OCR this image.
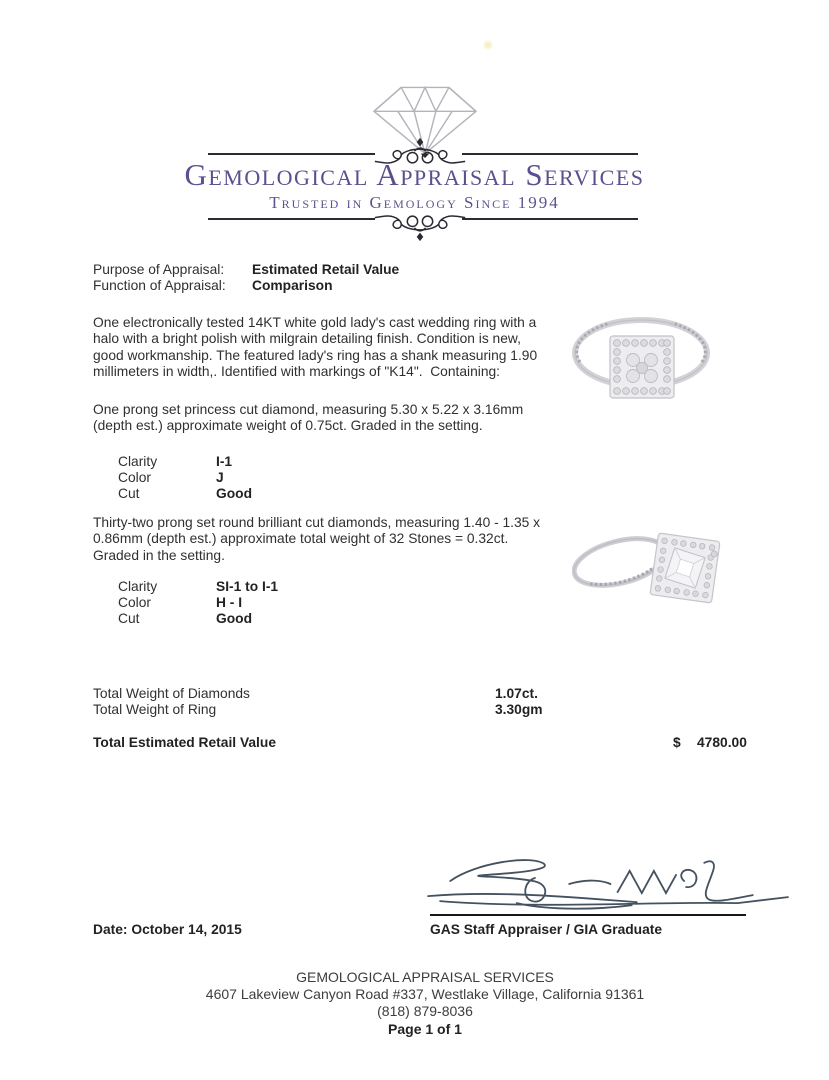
Gemological Appraisal Services
Trusted in Gemology Since 1994
Purpose of Appraisal: Estimated Retail Value
Function of Appraisal: Comparison
One electronically tested 14KT white gold lady's cast wedding ring with a halo with a bright polish with milgrain detailing finish. Condition is new, good workmanship. The featured lady's ring has a shank measuring 1.90 millimeters in width,. Identified with markings of "K14".  Containing:
One prong set princess cut diamond, measuring 5.30 x 5.22 x 3.16mm (depth est.) approximate weight of 0.75ct. Graded in the setting.
Clarity	I-1
Color	J
Cut	Good
Thirty-two prong set round brilliant cut diamonds, measuring 1.40 - 1.35 x 0.86mm (depth est.) approximate total weight of 32 Stones = 0.32ct. Graded in the setting.
Clarity	SI-1 to I-1
Color	H - I
Cut	Good
Total Weight of Diamonds	1.07ct.
Total Weight of Ring	3.30gm
Total Estimated Retail Value	$ 4780.00
Date: October 14, 2015	GAS Staff Appraiser / GIA Graduate
GEMOLOGICAL APPRAISAL SERVICES
4607 Lakeview Canyon Road #337, Westlake Village, California 91361
(818) 879-8036
Page 1 of 1
